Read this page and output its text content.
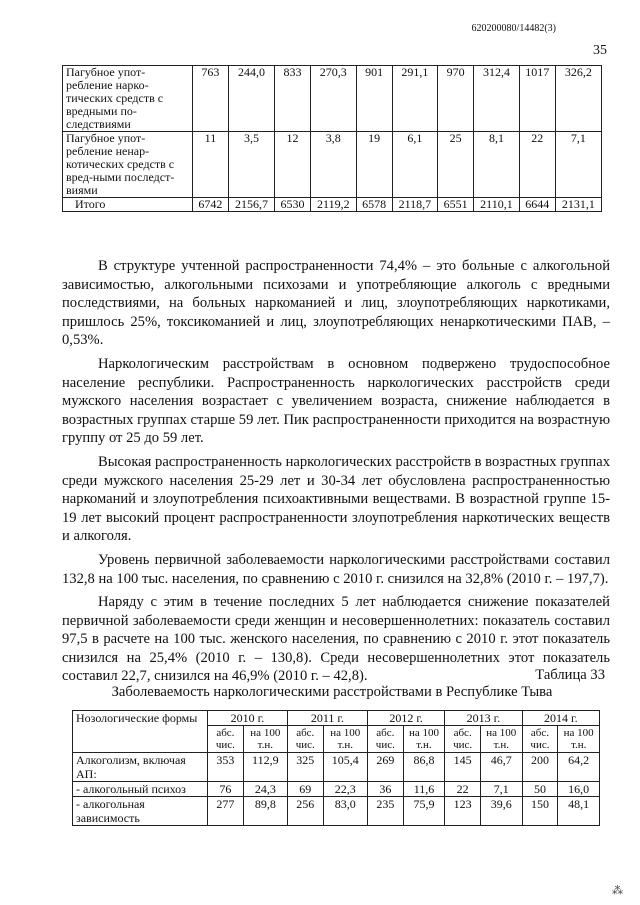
620200080/14482(3)
35
Пагубное упот-ребление нарко-тических средств с вредными по-следствиями	763	244,0	833	270,3	901	291,1	970	312,4	1017	326,2
Пагубное упот-ребление ненар-котических средств с вред-ными последст-виями	11	3,5	12	3,8	19	6,1	25	8,1	22	7,1
Итого	6742	2156,7	6530	2119,2	6578	2118,7	6551	2110,1	6644	2131,1

В структуре учтенной распространенности 74,4% – это больные с алкогольной зависимостью, алкогольными психозами и употребляющие алкоголь с вредными последствиями, на больных наркоманией и лиц, злоупотребляющих наркотиками, пришлось 25%, токсикоманией и лиц, злоупотребляющих ненаркотическими ПАВ, – 0,53%.

Наркологическим расстройствам в основном подвержено трудоспособное население республики. Распространенность наркологических расстройств среди мужского населения возрастает с увеличением возраста, снижение наблюдается в возрастных группах старше 59 лет. Пик распространенности приходится на возрастную группу от 25 до 59 лет.

Высокая распространенность наркологических расстройств в возрастных группах среди мужского населения 25-29 лет и 30-34 лет обусловлена распространенностью наркоманий и злоупотребления психоактивными веществами. В возрастной группе 15-19 лет высокий процент распространенности злоупотребления наркотических веществ и алкоголя.

Уровень первичной заболеваемости наркологическими расстройствами составил 132,8 на 100 тыс. населения, по сравнению с 2010 г. снизился на 32,8% (2010 г. – 197,7).

Наряду с этим в течение последних 5 лет наблюдается снижение показателей первичной заболеваемости среди женщин и несовершеннолетних: показатель составил 97,5 в расчете на 100 тыс. женского населения, по сравнению с 2010 г. этот показатель снизился на 25,4% (2010 г. – 130,8). Среди несовершеннолетних этот показатель составил 22,7, снизился на 46,9% (2010 г. – 42,8).	Таблица 33
Заболеваемость наркологическими расстройствами в Республике Тыва
Нозологические формы	2010 г.		2011 г.		2012 г.		2013 г.		2014 г.	
	абс. чис.	на 100 т.н.	абс. чис.	на 100 т.н.	абс. чис.	на 100 т.н.	абс. чис.	на 100 т.н.	абс. чис.	на 100 т.н.
Алкоголизм, включая АП:	353	112,9	325	105,4	269	86,8	145	46,7	200	64,2
- алкогольный психоз	76	24,3	69	22,3	36	11,6	22	7,1	50	16,0
- алкогольная зависимость	277	89,8	256	83,0	235	75,9	123	39,6	150	48,1
⁂
